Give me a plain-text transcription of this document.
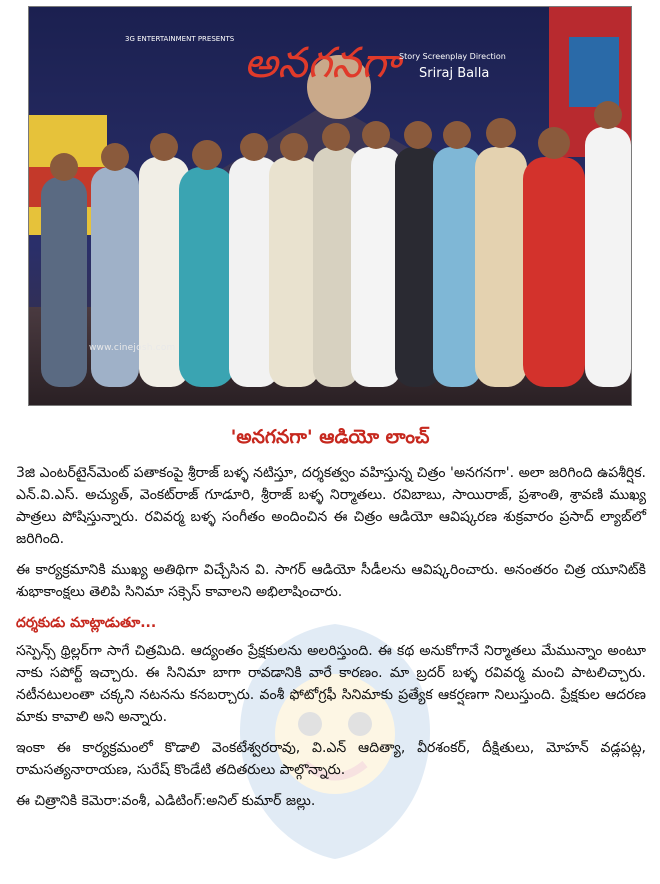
అనగనగా Story Screenplay Direction
Sriraj Balla
3G ENTERTAINMENT PRESENTS
www.cinejosh.com
'అనగనగా' ఆడియో లాంచ్

3జి ఎంటర్‌టైన్‌మెంట్ పతాకంపై శ్రీరాజ్ బళ్ళ నటిస్తూ, దర్శకత్వం వహిస్తున్న చిత్రం 'అనగనగా'. అలా జరిగింది ఉపశీర్షిక. ఎన్.వి.ఎస్. అచ్యుత్, వెంకట్‌రాజ్ గూడూరి, శ్రీరాజ్ బళ్ళ నిర్మాతలు. రవిబాబు, సాయిరాజ్, ప్రశాంతి, శ్రావణి ముఖ్య పాత్రలు పోషిస్తున్నారు. రవివర్మ బళ్ళ సంగీతం అందించిన ఈ చిత్రం ఆడియో ఆవిష్కరణ శుక్రవారం ప్రసాద్ ల్యాబ్‌లో జరిగింది.

ఈ కార్యక్రమానికి ముఖ్య అతిథిగా విచ్చేసిన వి. సాగర్ ఆడియో సీడీలను ఆవిష్కరించారు. అనంతరం చిత్ర యూనిట్‌కి శుభాకాంక్షలు తెలిపి సినిమా సక్సెస్ కావాలని అభిలాషించారు.

దర్శకుడు మాట్లాడుతూ...

సస్పెన్స్ థ్రిల్లర్‌గా సాగే చిత్రమిది. ఆద్యంతం ప్రేక్షకులను అలరిస్తుంది. ఈ కథ అనుకోగానే నిర్మాతలు మేమున్నాం అంటూ నాకు సపోర్ట్ ఇచ్చారు. ఈ సినిమా బాగా రావడానికి వారే కారణం. మా బ్రదర్ బళ్ళ రవివర్మ మంచి పాటలిచ్చారు. నటీనటులంతా చక్కని నటనను కనబర్చారు. వంశీ ఫోటోగ్రఫీ సినిమాకు ప్రత్యేక ఆకర్షణగా నిలుస్తుంది. ప్రేక్షకుల ఆదరణ మాకు కావాలి అని అన్నారు.

ఇంకా ఈ కార్యక్రమంలో కొడాలి వెంకటేశ్వరరావు, వి.ఎన్ ఆదిత్యా, వీరశంకర్, దీక్షితులు, మోహన్ వడ్లపట్ల, రామసత్యనారాయణ, సురేష్ కొండేటి తదితరులు పాల్గొన్నారు.

ఈ చిత్రానికి కెమెరా:వంశీ, ఎడిటింగ్:అనిల్ కుమార్ జల్లు.
